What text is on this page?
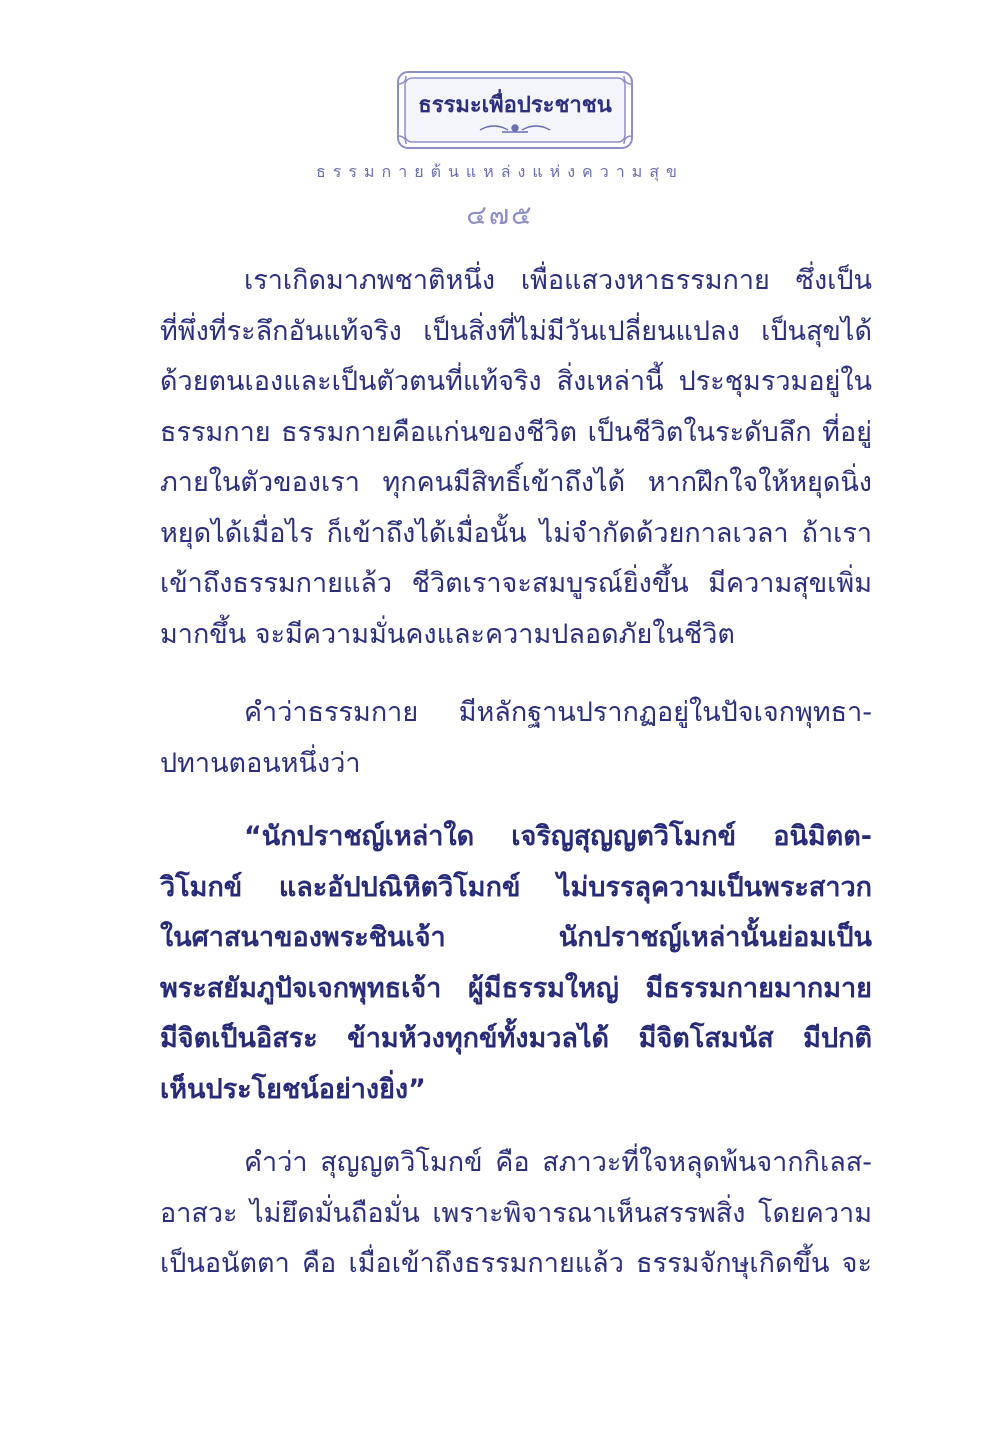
ธรรมะเพื่อประชาชน
ธรรมกายต้นแหล่งแห่งความสุข
๔๗๕
เราเกิดมาภพชาติหนึ่ง เพื่อแสวงหาธรรมกาย ซึ่งเป็น
ที่พึ่งที่ระลึกอันแท้จริง เป็นสิ่งที่ไม่มีวันเปลี่ยนแปลง เป็นสุขได้
ด้วยตนเองและเป็นตัวตนที่แท้จริง สิ่งเหล่านี้ ประชุมรวมอยู่ใน
ธรรมกาย ธรรมกายคือแก่นของชีวิต เป็นชีวิตในระดับลึก ที่อยู่
ภายในตัวของเรา ทุกคนมีสิทธิ์เข้าถึงได้ หากฝึกใจให้หยุดนิ่ง
หยุดได้เมื่อไร ก็เข้าถึงได้เมื่อนั้น ไม่จำกัดด้วยกาลเวลา ถ้าเรา
เข้าถึงธรรมกายแล้ว ชีวิตเราจะสมบูรณ์ยิ่งขึ้น มีความสุขเพิ่ม
มากขึ้น จะมีความมั่นคงและความปลอดภัยในชีวิต
คำว่าธรรมกาย มีหลักฐานปรากฏอยู่ในปัจเจกพุทธา-
ปทานตอนหนึ่งว่า
“นักปราชญ์เหล่าใด เจริญสุญญตวิโมกข์ อนิมิตต-
วิโมกข์ และอัปปณิหิตวิโมกข์ ไม่บรรลุความเป็นพระสาวก
ในศาสนาของพระชินเจ้า นักปราชญ์เหล่านั้นย่อมเป็น
พระสยัมภูปัจเจกพุทธเจ้า ผู้มีธรรมใหญ่ มีธรรมกายมากมาย
มีจิตเป็นอิสระ ข้ามห้วงทุกข์ทั้งมวลได้ มีจิตโสมนัส มีปกติ
เห็นประโยชน์อย่างยิ่ง”
คำว่า สุญญตวิโมกข์ คือ สภาวะที่ใจหลุดพ้นจากกิเลส-
อาสวะ ไม่ยึดมั่นถือมั่น เพราะพิจารณาเห็นสรรพสิ่ง โดยความ
เป็นอนัตตา คือ เมื่อเข้าถึงธรรมกายแล้ว ธรรมจักษุเกิดขึ้น จะ
